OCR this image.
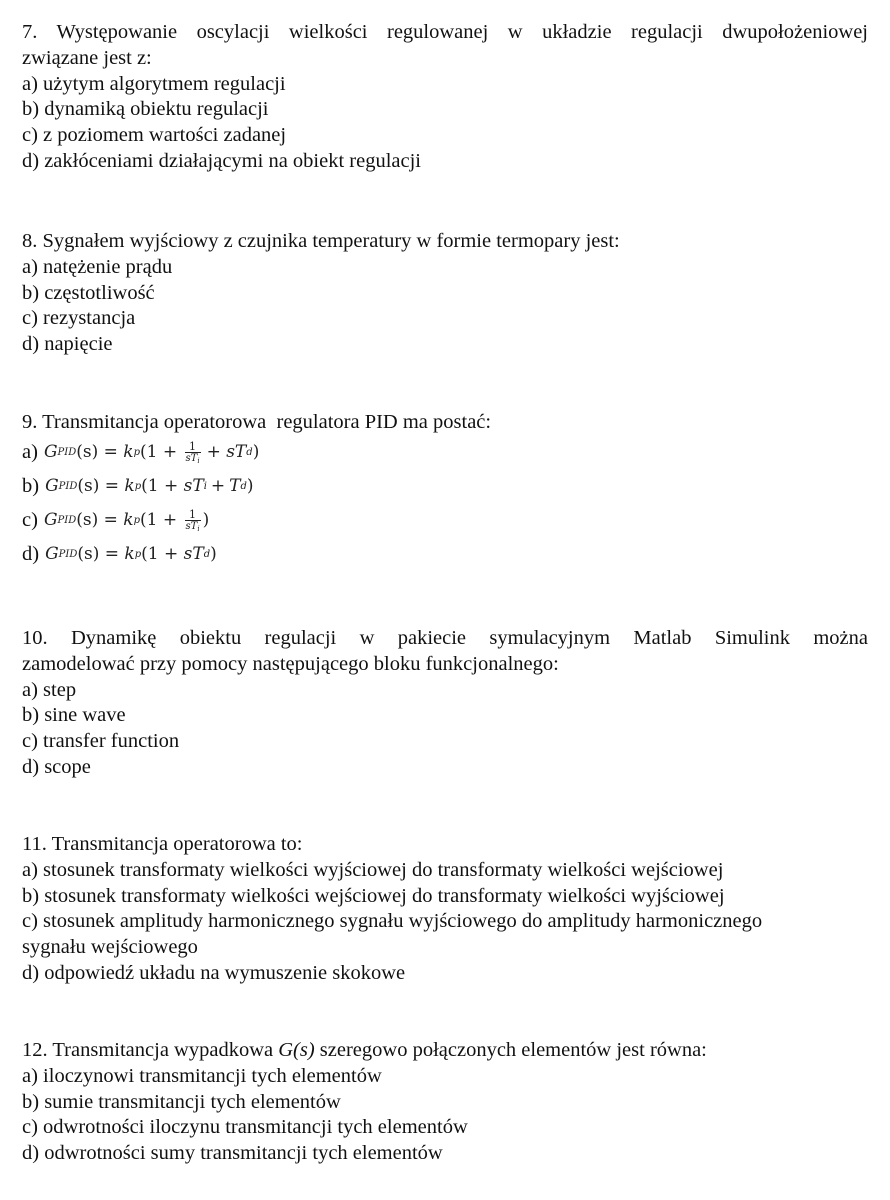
7. Występowanie oscylacji wielkości regulowanej w układzie regulacji dwupołożeniowej
związane jest z:
a) użytym algorytmem regulacji
b) dynamiką obiektu regulacji
c) z poziomem wartości zadanej
d) zakłóceniami działającymi na obiekt regulacji
8. Sygnałem wyjściowy z czujnika temperatury w formie termopary jest:
a) natężenie prądu
b) częstotliwość
c) rezystancja
d) napięcie
9. Transmitancja operatorowa  regulatora PID ma postać:
a) G PID (s) = k p ($1 + \frac{1}{sT_i}$ + sT d )
b) G PID (s) = k p (1 + sT i + T d )
c) G PID (s) = k p ($1 + \frac{1}{sT_i}$ )
d) G PID (s) = k p (1 + sT d )
10. Dynamikę obiektu regulacji w pakiecie symulacyjnym Matlab Simulink można
zamodelować przy pomocy następującego bloku funkcjonalnego:
a) step
b) sine wave
c) transfer function
d) scope
11. Transmitancja operatorowa to:
a) stosunek transformaty wielkości wyjściowej do transformaty wielkości wejściowej
b) stosunek transformaty wielkości wejściowej do transformaty wielkości wyjściowej
c) stosunek amplitudy harmonicznego sygnału wyjściowego do amplitudy harmonicznego
sygnału wejściowego
d) odpowiedź układu na wymuszenie skokowe
12. Transmitancja wypadkowa G(s) szeregowo połączonych elementów jest równa:
a) iloczynowi transmitancji tych elementów
b) sumie transmitancji tych elementów
c) odwrotności iloczynu transmitancji tych elementów
d) odwrotności sumy transmitancji tych elementów
